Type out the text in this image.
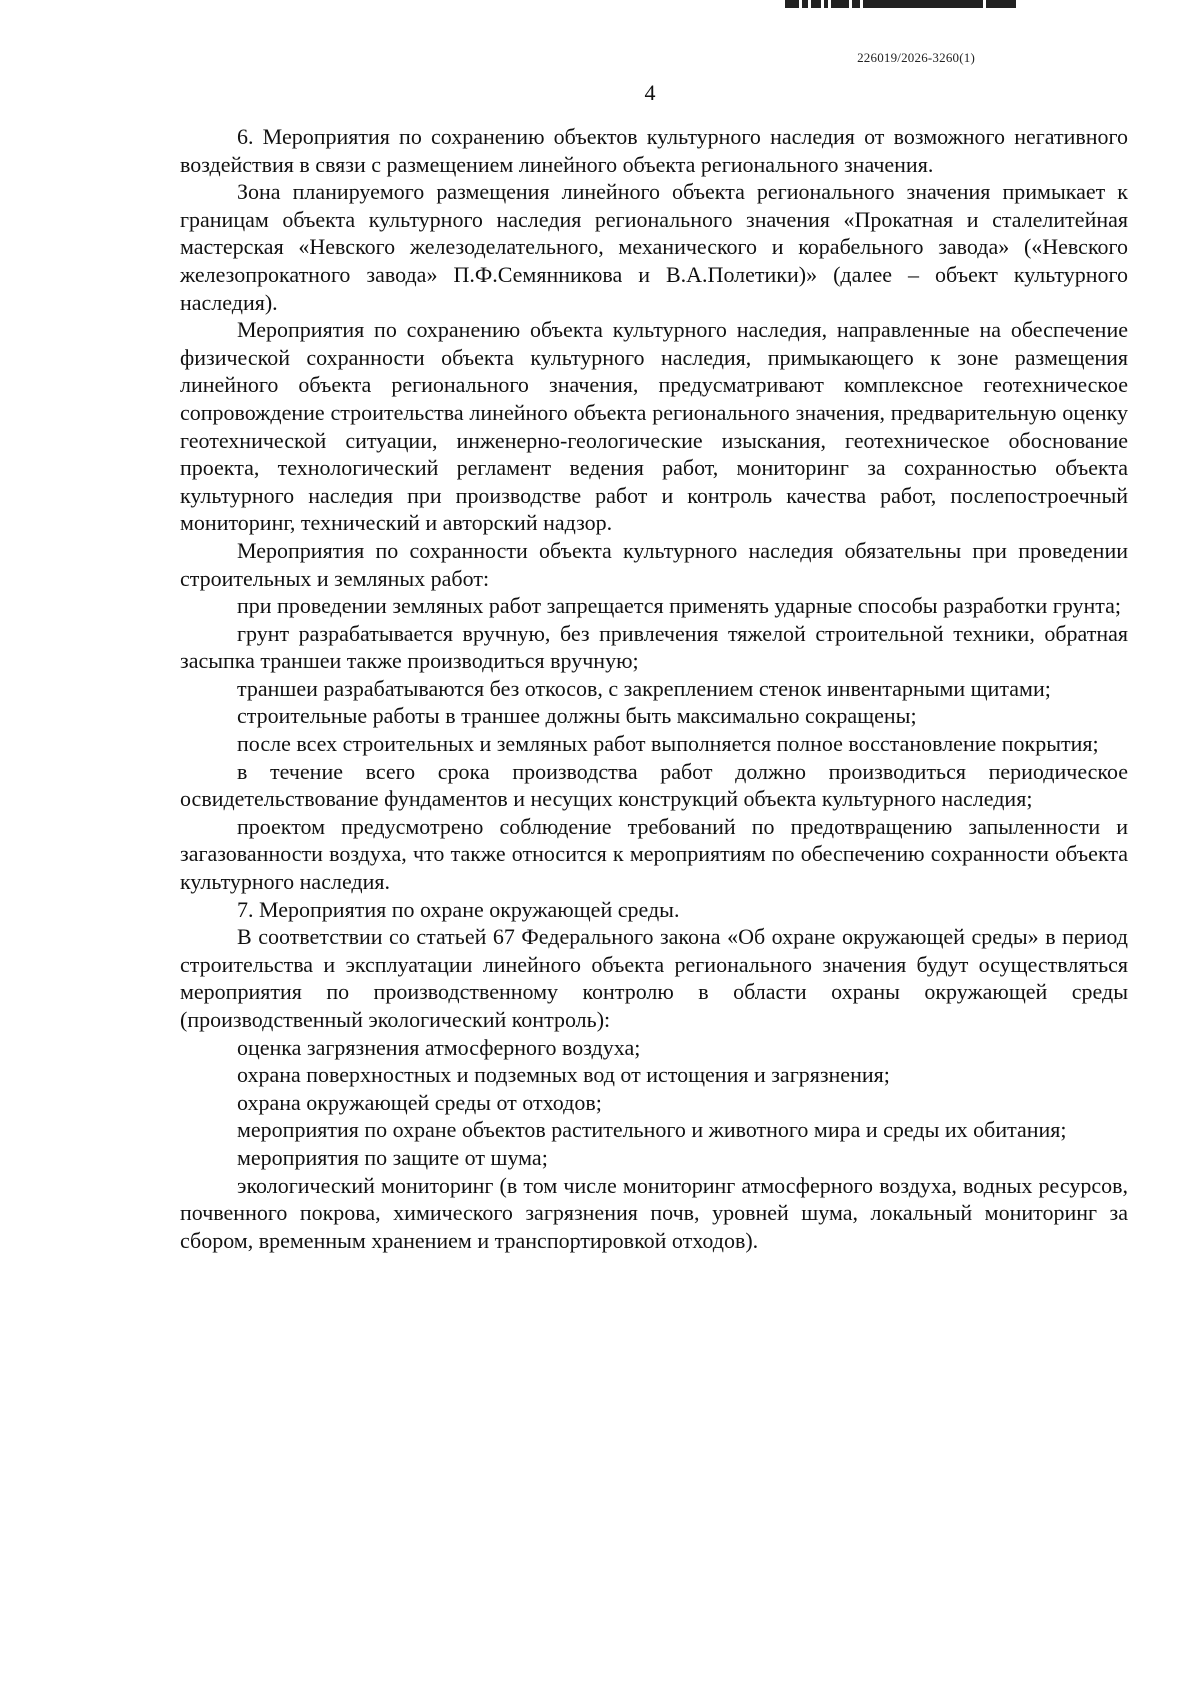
226019/2026-3260(1)
4

6. Мероприятия по сохранению объектов культурного наследия от возможного негативного воздействия в связи с размещением линейного объекта регионального значения.

Зона планируемого размещения линейного объекта регионального значения примыкает к границам объекта культурного наследия регионального значения «Прокатная и сталелитейная мастерская «Невского железоделательного, механического и корабельного завода» («Невского железопрокатного завода» П.Ф.Семянникова и В.А.Полетики)» (далее – объект культурного наследия).

Мероприятия по сохранению объекта культурного наследия, направленные на обеспечение физической сохранности объекта культурного наследия, примыкающего к зоне размещения линейного объекта регионального значения, предусматривают комплексное геотехническое сопровождение строительства линейного объекта регионального значения, предварительную оценку геотехнической ситуации, инженерно-геологические изыскания, геотехническое обоснование проекта, технологический регламент ведения работ, мониторинг за сохранностью объекта культурного наследия при производстве работ и контроль качества работ, послепостроечный мониторинг, технический и авторский надзор.

Мероприятия по сохранности объекта культурного наследия обязательны при проведении строительных и земляных работ:

при проведении земляных работ запрещается применять ударные способы разработки грунта;

грунт разрабатывается вручную, без привлечения тяжелой строительной техники, обратная засыпка траншеи также производиться вручную;

траншеи разрабатываются без откосов, с закреплением стенок инвентарными щитами;

строительные работы в траншее должны быть максимально сокращены;

после всех строительных и земляных работ выполняется полное восстановление покрытия;

в течение всего срока производства работ должно производиться периодическое освидетельствование фундаментов и несущих конструкций объекта культурного наследия;

проектом предусмотрено соблюдение требований по предотвращению запыленности и загазованности воздуха, что также относится к мероприятиям по обеспечению сохранности объекта культурного наследия.

7. Мероприятия по охране окружающей среды.

В соответствии со статьей 67 Федерального закона «Об охране окружающей среды» в период строительства и эксплуатации линейного объекта регионального значения будут осуществляться мероприятия по производственному контролю в области охраны окружающей среды (производственный экологический контроль):

оценка загрязнения атмосферного воздуха;

охрана поверхностных и подземных вод от истощения и загрязнения;

охрана окружающей среды от отходов;

мероприятия по охране объектов растительного и животного мира и среды их обитания;

мероприятия по защите от шума;

экологический мониторинг (в том числе мониторинг атмосферного воздуха, водных ресурсов, почвенного покрова, химического загрязнения почв, уровней шума, локальный мониторинг за сбором, временным хранением и транспортировкой отходов).
